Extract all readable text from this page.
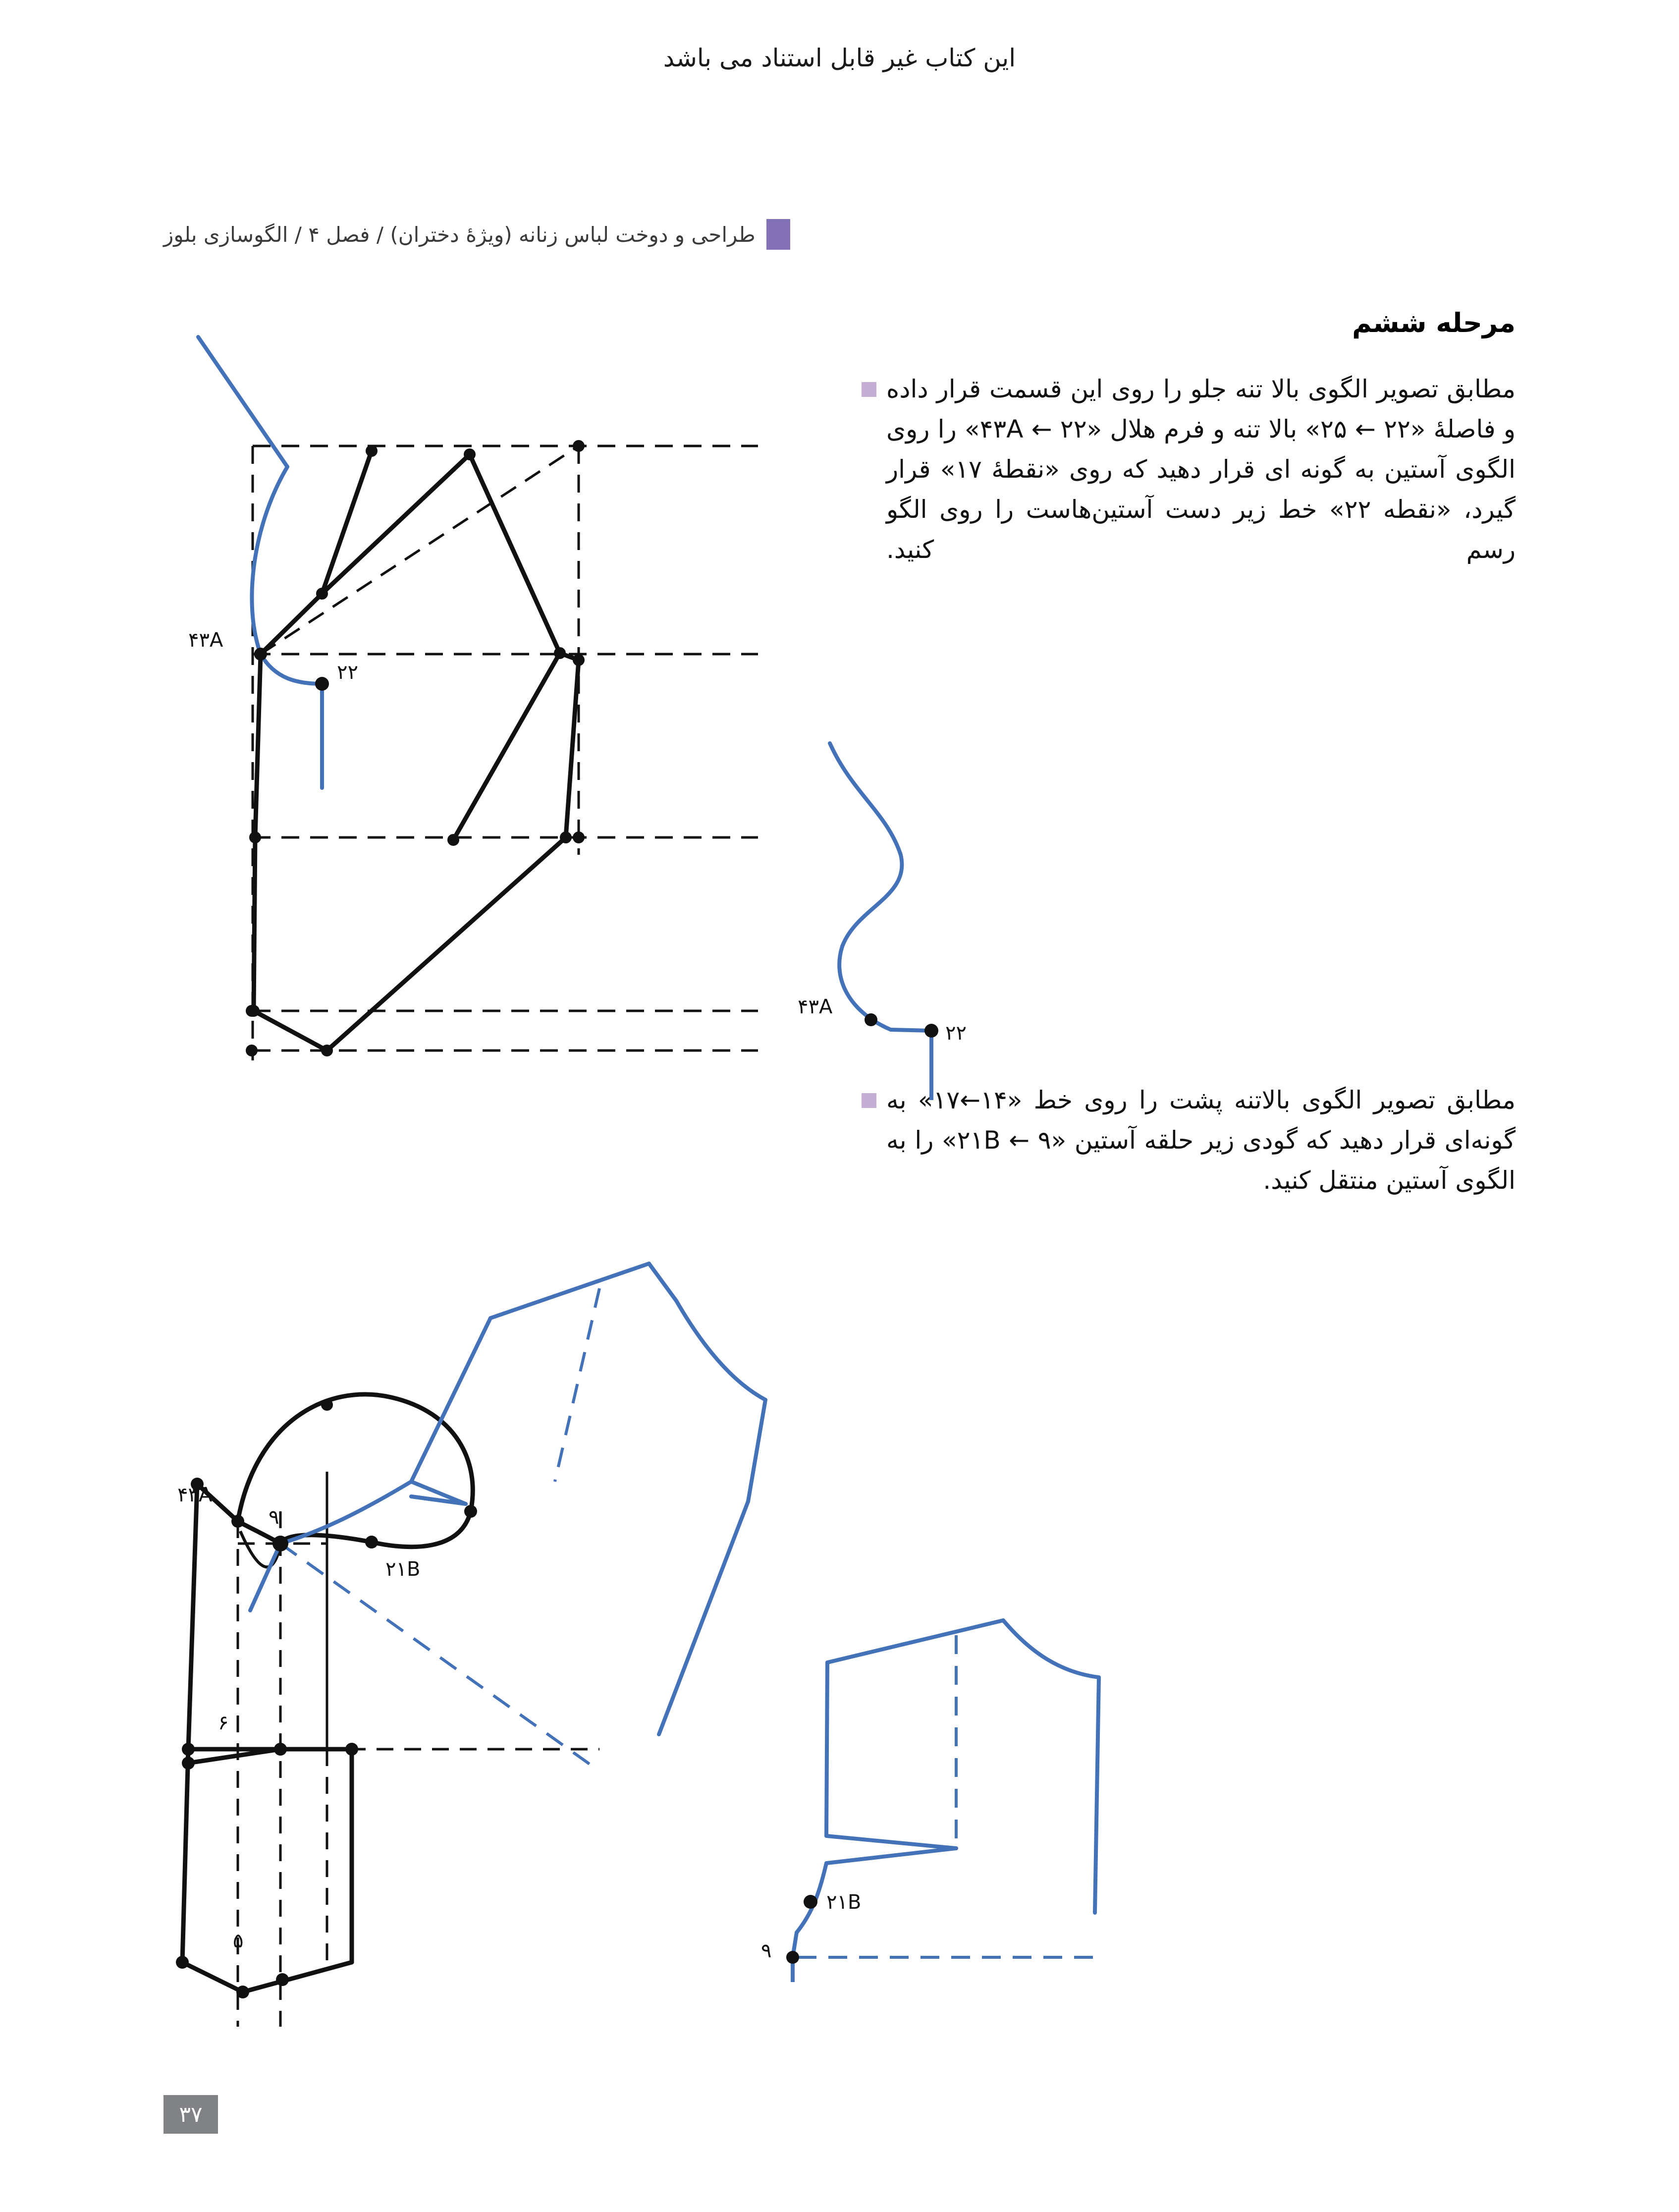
این کتاب غیر قابل استناد می باشد
طراحی و دوخت لباس زنانه (ویژهٔ دختران) / فصل ۴ / الگوسازی بلوز
مرحله ششم
مطابق تصویر الگوی بالا تنه جلو را روی این قسمت قرار داده و فاصلهٔ «۲۲ ← ۲۵» بالا تنه و فرم هلال «۲۲ ← ۴۳A» را روی الگوی آستین به گونه ای قرار دهید که روی «نقطهٔ ۱۷» قرار گیرد، «نقطه ۲۲» خط زیر دست آستین‌هاست را روی الگو رسم کنید.
مطابق تصویر الگوی بالاتنه پشت را روی خط «۱۴←۱۷» به گونه‌ای قرار دهید که گودی زیر حلقه آستین «۲۱B ← ۹» را به الگوی آستین منتقل کنید.
۴۳A
۲۲
۴۳A
۲۲
۴۳A
۹
۲۱B
۶
۵
۲۱B
۹
۳۷
